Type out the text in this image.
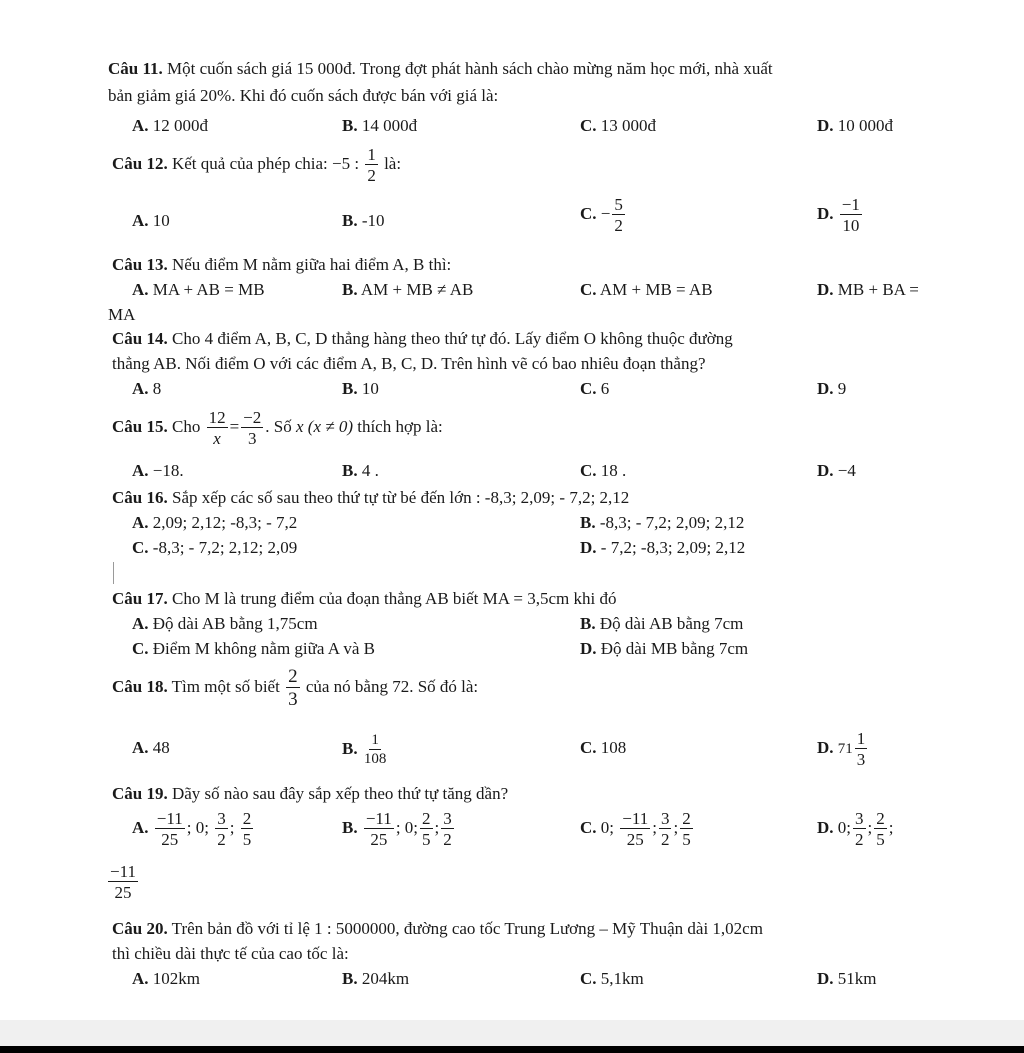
Câu 11. Một cuốn sách giá 15 000đ. Trong đợt phát hành sách chào mừng năm học mới, nhà xuất
bản giảm giá 20%. Khi đó cuốn sách được bán với giá là:
A. 12 000đ	B. 14 000đ	C. 13 000đ	D. 10 000đ
Câu 12. Kết quả của phép chia: −5 : $\frac{1}{2}$ là:
A. 10	B. -10	C. − $\frac{5}{2}$	D. $\frac{-1}{10}$
Câu 13. Nếu điểm M nằm giữa hai điểm A, B thì:
A. MA + AB = MB	B. AM + MB ≠ AB	C. AM + MB = AB	D. MB + BA =
MA
Câu 14. Cho 4 điểm A, B, C, D thẳng hàng theo thứ tự đó. Lấy điểm O không thuộc đường
thẳng AB. Nối điểm O với các điểm A, B, C, D. Trên hình vẽ có bao nhiêu đoạn thẳng?
A. 8	B. 10	C. 6	D. 9
Câu 15. Cho $\frac{12}{x} = \frac{-2}{3}$ . Số x (x ≠ 0) thích hợp là:
A. −18.	B. 4 .	C. 18 .	D. −4
Câu 16. Sắp xếp các số sau theo thứ tự từ bé đến lớn : -8,3; 2,09; - 7,2; 2,12
A. 2,09; 2,12; -8,3; - 7,2	B. -8,3; - 7,2; 2,09; 2,12
C. -8,3; - 7,2; 2,12; 2,09	D. - 7,2; -8,3; 2,09; 2,12
Câu 17. Cho M là trung điểm của đoạn thẳng AB biết MA = 3,5cm khi đó
A. Độ dài AB bằng 1,75cm	B. Độ dài AB bằng 7cm
C. Điểm M không nằm giữa A và B	D. Độ dài MB bằng 7cm
Câu 18. Tìm một số biết $\frac{2}{3}$ của nó bằng 72. Số đó là:
A. 48	B. $\frac{1}{108}$	C. 108	D. $71 \frac{1}{3}$
Câu 19. Dãy số nào sau đây sắp xếp theo thứ tự tăng dần?
A. $\frac{-11}{25}$ ; 0; $\frac{3}{2}$ ; $\frac{2}{5}$	B. $\frac{-11}{25}$ ; 0; $\frac{2}{5}$ ; $\frac{3}{2}$	C. 0; $\frac{-11}{25}$ ; $\frac{3}{2}$ ; $\frac{2}{5}$	D. 0; $\frac{3}{2}$ ; $\frac{2}{5}$ ;
$\frac{-11}{25}$
Câu 20. Trên bản đồ với tỉ lệ 1 : 5000000, đường cao tốc Trung Lương – Mỹ Thuận dài 1,02cm
thì chiều dài thực tế của cao tốc là:
A. 102km	B. 204km	C. 5,1km	D. 51km
